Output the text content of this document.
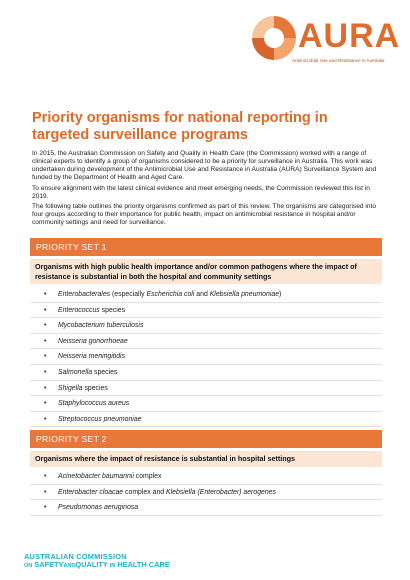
AURA
Antimicrobial Use and Resistance in Australia
Priority organisms for national reporting in targeted surveillance programs

In 2015, the Australian Commission on Safety and Quality in Health Care (the Commission) worked with a range of clinical experts to identify a group of organisms considered to be a priority for surveillance in Australia. This work was undertaken during development of the Antimicrobial Use and Resistance in Australia (AURA) Surveillance System and funded by the Department of Health and Aged Care.

To ensure alignment with the latest clinical evidence and meet emerging needs, the Commission reviewed this list in 2019.

The following table outlines the priority organisms confirmed as part of this review. The organisms are categorised into four groups according to their importance for public health, impact on antimicrobial resistance in hospital and/or community settings and need for surveillance.

PRIORITY SET 1
Organisms with high public health importance and/or common pathogens where the impact of resistance is substantial in both the hospital and community settings
• Enterobacterales (especially Escherichia coli and Klebsiella pneumoniae)
• Enterococcus species
• Mycobacterium tuberculosis
• Neisseria gonorrhoeae
• Neisseria meningitidis
• Salmonella species
• Shigella species
• Staphylococcus aureus
• Streptococcus pneumoniae
PRIORITY SET 2
Organisms where the impact of resistance is substantial in hospital settings
• Acinetobacter baumannii complex
• Enterobacter cloacae complex and Klebsiella (Enterobacter) aerogenes
• Pseudomonas aeruginosa
AUSTRALIAN COMMISSION
ON SAFETYANDQUALITY IN HEALTH CARE
